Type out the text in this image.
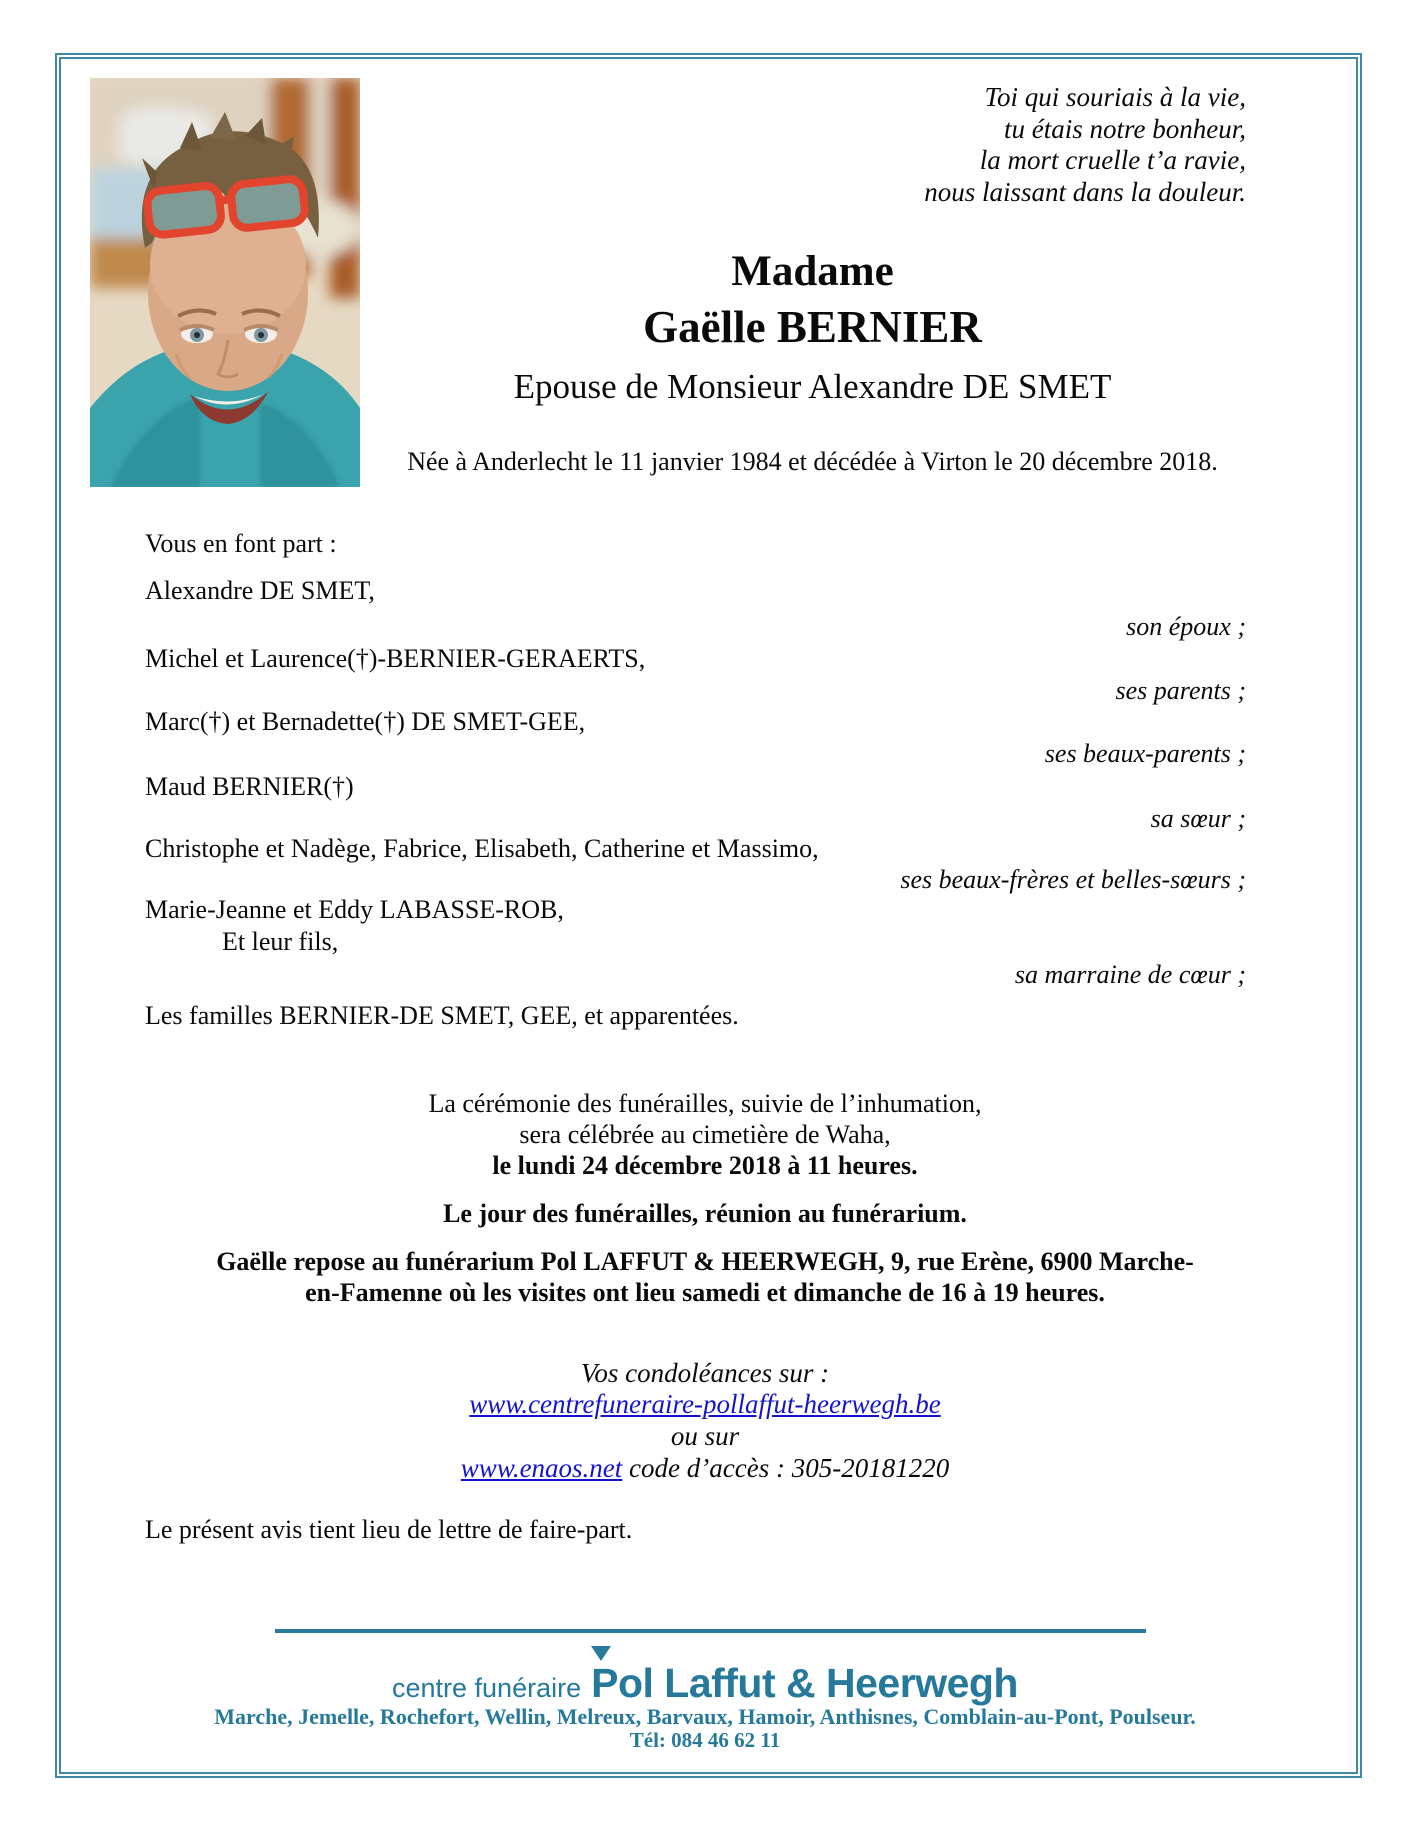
Toi qui souriais à la vie,
tu étais notre bonheur,
la mort cruelle t’a ravie,
nous laissant dans la douleur.
Madame
Gaëlle BERNIER
Epouse de Monsieur Alexandre DE SMET
Née à Anderlecht le 11 janvier 1984 et décédée à Virton le 20 décembre 2018.
Vous en font part :
Alexandre DE SMET,
son époux ;
Michel et Laurence(†)-BERNIER-GERAERTS,
ses parents ;
Marc(†) et Bernadette(†) DE SMET-GEE,
ses beaux-parents ;
Maud BERNIER(†)
sa sœur ;
Christophe et Nadège, Fabrice, Elisabeth, Catherine et Massimo,
ses beaux-frères et belles-sœurs ;
Marie-Jeanne et Eddy LABASSE-ROB,
Et leur fils,
sa marraine de cœur ;
Les familles BERNIER-DE SMET, GEE, et apparentées.
La cérémonie des funérailles, suivie de l’inhumation,
sera célébrée au cimetière de Waha,
le lundi 24 décembre 2018 à 11 heures.
Le jour des funérailles, réunion au funérarium.
Gaëlle repose au funérarium Pol LAFFUT & HEERWEGH, 9, rue Erène, 6900 Marche-
en-Famenne où les visites ont lieu samedi et dimanche de 16 à 19 heures.
Vos condoléances sur :
www.centrefuneraire-pollaffut-heerwegh.be
ou sur
www.enaos.net code d’accès : 305-20181220
Le présent avis tient lieu de lettre de faire-part.
centre funéraire Pol Laffut & Heerwegh
Marche, Jemelle, Rochefort, Wellin, Melreux, Barvaux, Hamoir, Anthisnes, Comblain-au-Pont, Poulseur.
Tél: 084 46 62 11
